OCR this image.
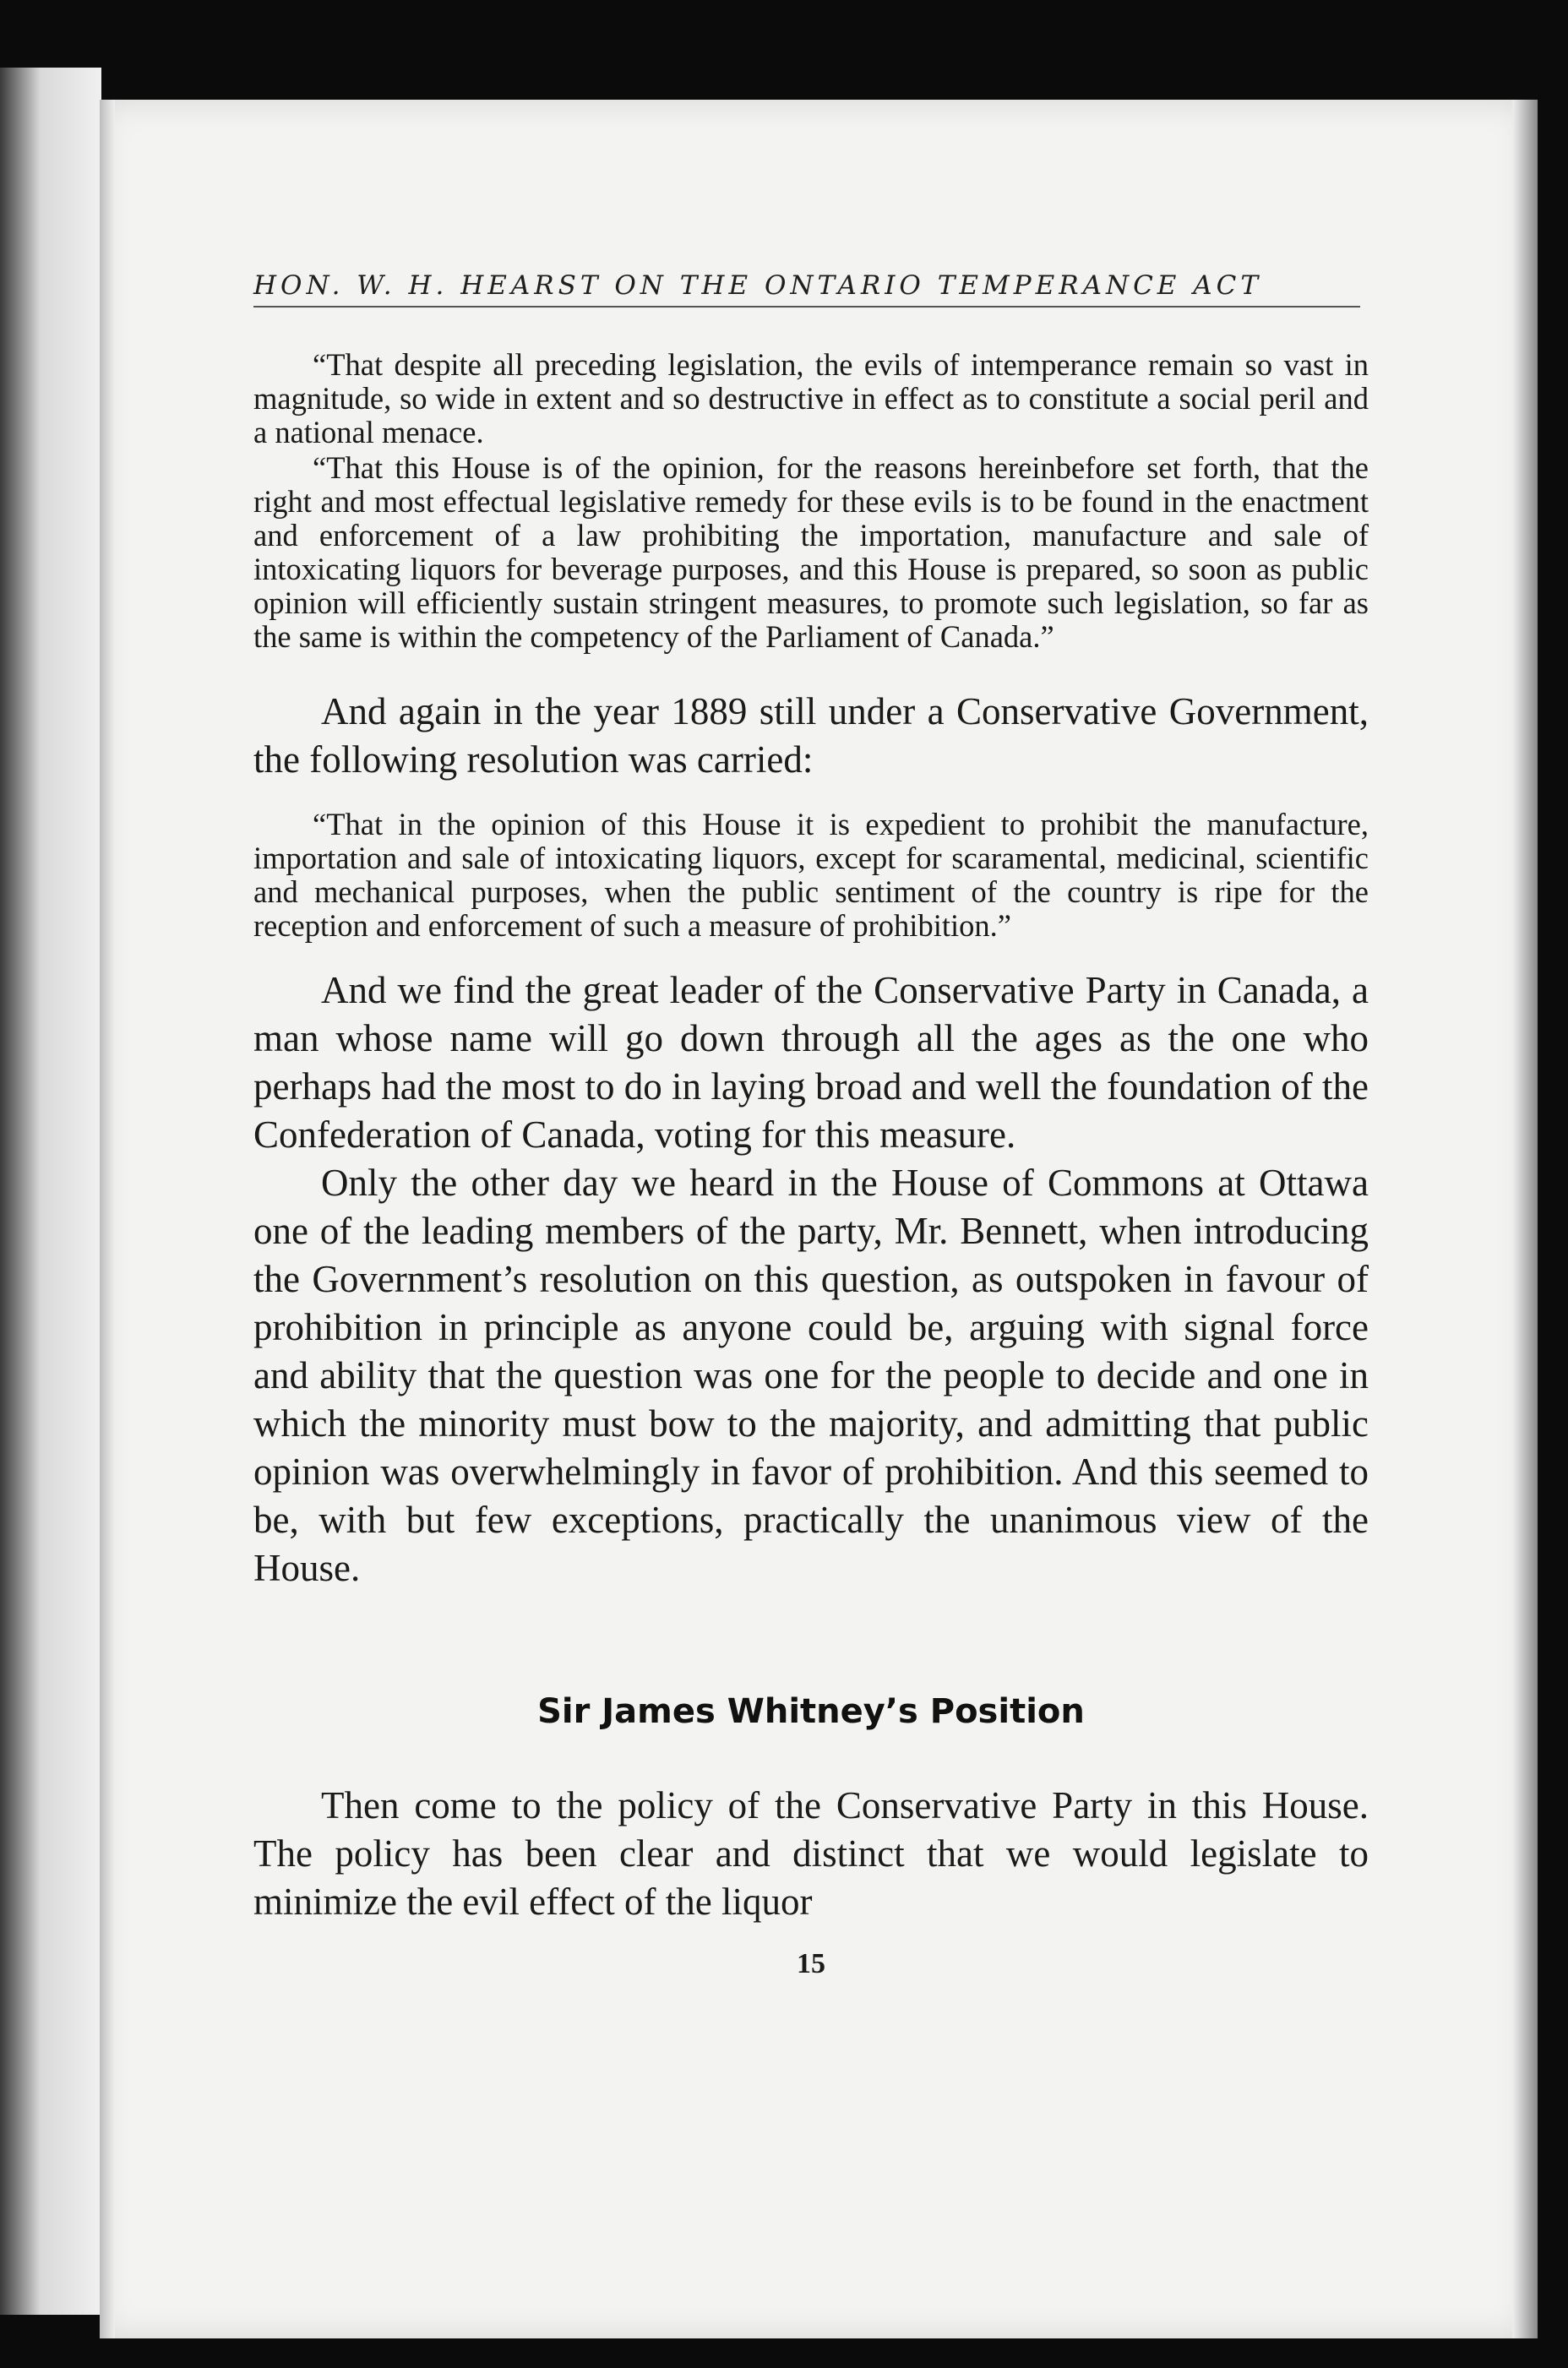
HON. W. H. HEARST ON THE ONTARIO TEMPERANCE ACT

“That despite all preceding legislation, the evils of intemperance remain so vast in magnitude, so wide in extent and so destructive in effect as to constitute a social peril and a national menace.

“That this House is of the opinion, for the reasons hereinbefore set forth, that the right and most effectual legislative remedy for these evils is to be found in the enactment and enforcement of a law prohibiting the importation, manufacture and sale of intoxicating liquors for beverage purposes, and this House is prepared, so soon as public opinion will efficiently sustain stringent measures, to promote such legislation, so far as the same is within the competency of the Parliament of Canada.”

And again in the year 1889 still under a Conservative Government, the following resolution was carried:

“That in the opinion of this House it is expedient to prohibit the manufacture, importation and sale of intoxicating liquors, except for scaramental, medicinal, scientific and mechanical purposes, when the public sentiment of the country is ripe for the reception and enforcement of such a measure of prohibition.”

And we find the great leader of the Conservative Party in Canada, a man whose name will go down through all the ages as the one who perhaps had the most to do in laying broad and well the foundation of the Confederation of Canada, voting for this measure.

Only the other day we heard in the House of Commons at Ottawa one of the leading members of the party, Mr. Bennett, when introducing the Government’s resolution on this question, as outspoken in favour of prohibition in principle as anyone could be, arguing with signal force and ability that the question was one for the people to decide and one in which the minority must bow to the majority, and admitting that public opinion was overwhelmingly in favor of prohibition. And this seemed to be, with but few exceptions, practically the unanimous view of the House.

Sir James Whitney’s Position

Then come to the policy of the Conservative Party in this House. The policy has been clear and distinct that we would legislate to minimize the evil effect of the liquor

15
